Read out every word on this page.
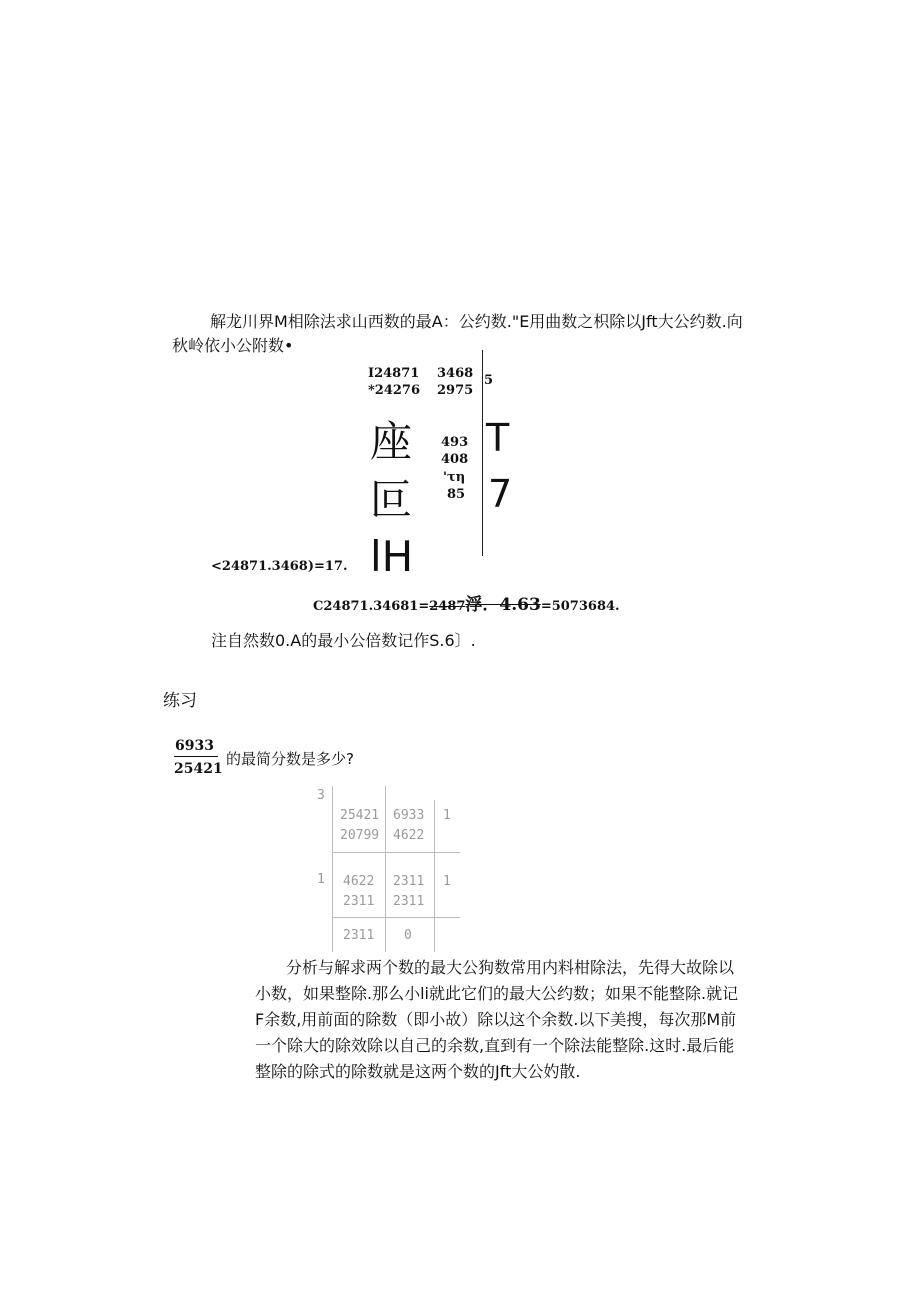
解龙川界M相除法求山西数的最A：公约数."E用曲数之枳除以Jft大公约数.向
秋岭依小公附数•
I24871
*24276
3468
2975
5
座
叵
lH
493
408
'τη
85
T
7
<24871.3468)=17.
C24871.34681=2487浮．4.63=5073684.
注自然数0.A的最小公倍数记作S.6〕.
练习
6933
25421
的最简分数是多少?
3
25421
20799
6933
4622
1
1 4622
2311
2311
2311
1
2311 0
分析与解求两个数的最大公狗数常用内料柑除法，先得大故除以
小数，如果整除.那么小li就此它们的最大公约数；如果不能整除.就记
F余数,用前面的除数（即小故）除以这个余数.以下美搜，每次那M前
一个除大的除效除以自己的余数,直到有一个除法能整除.这时.最后能
整除的除式的除数就是这两个数的Jft大公妁散.
